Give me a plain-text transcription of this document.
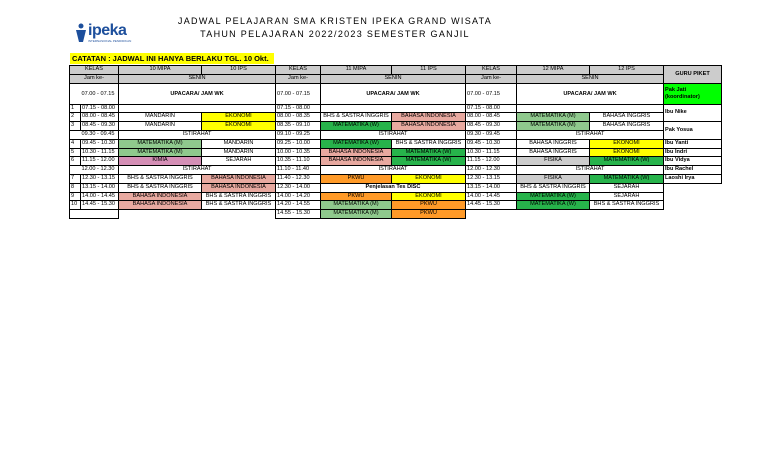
ipeka
INTERNASIONAL PENDIDIKAN
JADWAL PELAJARAN SMA KRISTEN IPEKA GRAND WISATA
TAHUN PELAJARAN 2022/2023 SEMESTER GANJIL
CATATAN : JADWAL INI HANYA BERLAKU TGL. 10 Okt.
KELAS		10 MIPA	10 IPS	KELAS	11 MIPA	11 IPS	KELAS	12 MIPA	12 IPS	GURU PIKET
Jam ke-		SENIN		Jam ke-	SENIN		Jam ke-	SENIN		
	07.00 - 07.15	UPACARA/ JAM WK		07.00 - 07.15	UPACARA/ JAM WK		07.00 - 07.15	UPACARA/ JAM WK		Pak Jati
(koordinator)
1	07.15 - 08.00			07.15 - 08.00			07.15 - 08.00			Ibu Nike
2	08.00 - 08.45	MANDARIN	EKONOMI	08.00 - 08.35	BHS & SASTRA INGGRIS	BAHASA INDONESIA	08.00 - 08.45	MATEMATIKA (M)	BAHASA INGGRIS	
3	08.45 - 09.30	MANDARIN	EKONOMI	08.35 - 09.10	MATEMATIKA (W)	BAHASA INDONESIA	08.45 - 09.30	MATEMATIKA (M)	BAHASA INGGRIS	Pak Yosua
	09.30 - 09.45	ISTIRAHAT		09.10 - 09.25	ISTIRAHAT		09.30 - 09.45	ISTIRAHAT		
4	09.45 - 10.30	MATEMATIKA (M)	MANDARIN	09.25 - 10.00	MATEMATIKA (W)	BHS & SASTRA INGGRIS	09.45 - 10.30	BAHASA INGGRIS	EKONOMI	Ibu Yanti
5	10.30 - 11.15	MATEMATIKA (M)	MANDARIN	10.00 - 10.35	BAHASA INDONESIA	MATEMATIKA (W)	10.30 - 11.15	BAHASA INGGRIS	EKONOMI	Ibu Indri
6	11.15 - 12.00	KIMIA	SEJARAH	10.35 - 11.10	BAHASA INDONESIA	MATEMATIKA (W)	11.15 - 12.00	FISIKA	MATEMATIKA (W)	Ibu Vidya
	12.00 - 12.30	ISTIRAHAT		11.10 - 11.40	ISTIRAHAT		12.00 - 12.30	ISTIRAHAT		Ibu Rachel
7	12.30 - 13.15	BHS & SASTRA INGGRIS	BAHASA INDONESIA	11.40 - 12.30	PKWU	EKONOMI	12.30 - 13.15	FISIKA	MATEMATIKA (W)	Laoshi Irya
8	13.15 - 14.00	BHS & SASTRA INGGRIS	BAHASA INDONESIA	12.30 - 14.00	Penjelasan Tes DISC		13.15 - 14.00	BHS & SASTRA INGGRIS	SEJARAH	
9	14.00 - 14.45	BAHASA INDONESIA	BHS & SASTRA INGGRIS	14.00 - 14.20	PKWU	EKONOMI	14.00 - 14.45	MATEMATIKA (W)	SEJARAH	
10	14.45 - 15.30	BAHASA INDONESIA	BHS & SASTRA INGGRIS	14.20 - 14.55	MATEMATIKA (M)	PKWU	14.45 - 15.30	MATEMATIKA (W)	BHS & SASTRA INGGRIS	
				14.55 - 15.30	MATEMATIKA (M)	PKWU				
